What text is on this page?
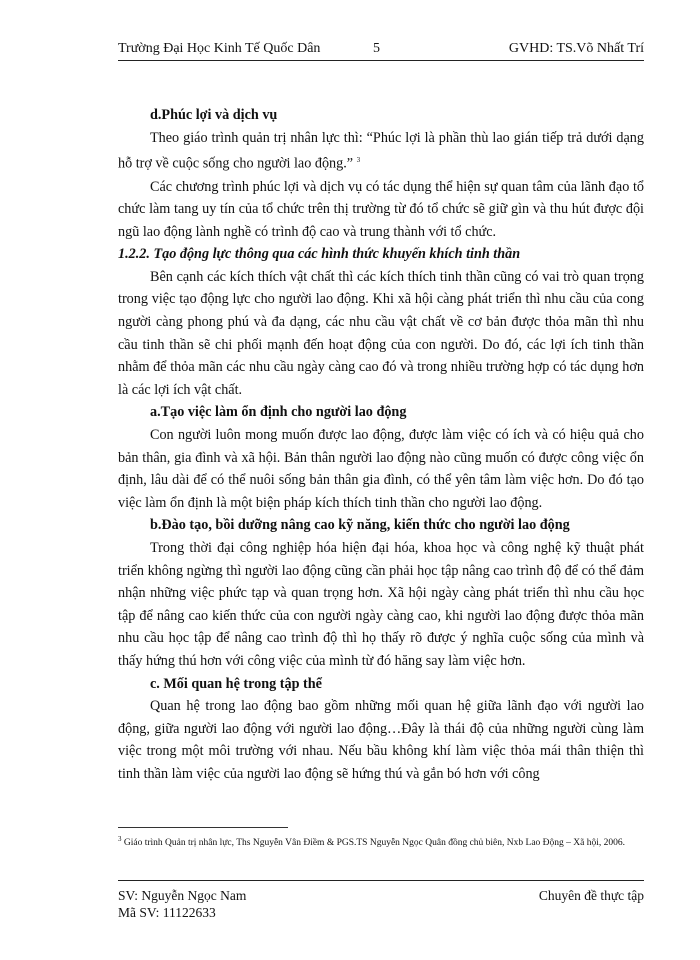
Trường Đại Học Kinh Tế Quốc Dân	5	GVHD: TS.Võ Nhất Trí

d.Phúc lợi và dịch vụ

Theo giáo trình quản trị nhân lực thì: “Phúc lợi là phần thù lao gián tiếp trả dưới dạng hỗ trợ về cuộc sống cho người lao động.” $^3$

Các chương trình phúc lợi và dịch vụ có tác dụng thể hiện sự quan tâm của lãnh đạo tổ chức làm tang uy tín của tổ chức trên thị trường từ đó tổ chức sẽ giữ gìn và thu hút được đội ngũ lao động lành nghề có trình độ cao và trung thành với tổ chức.

1.2.2. Tạo động lực thông qua các hình thức khuyến khích tinh thần

Bên cạnh các kích thích vật chất thì các kích thích tinh thần cũng có vai trò quan trọng trong việc tạo động lực cho người lao động. Khi xã hội càng phát triển thì nhu cầu của cong người càng phong phú và đa dạng, các nhu cầu vật chất về cơ bản được thỏa mãn thì nhu cầu tinh thần sẽ chi phối mạnh đến hoạt động của con người. Do đó, các lợi ích tinh thần nhằm để thỏa mãn các nhu cầu ngày càng cao đó và trong nhiều trường hợp có tác dụng hơn là các lợi ích vật chất.

a.Tạo việc làm ổn định cho người lao động

Con người luôn mong muốn được lao động, được làm việc có ích và có hiệu quả cho bản thân, gia đình và xã hội. Bản thân người lao động nào cũng muốn có được công việc ổn định, lâu dài để có thể nuôi sống bản thân gia đình, có thể yên tâm làm việc hơn. Do đó tạo việc làm ổn định là một biện pháp kích thích tinh thần cho người lao động.

b.Đào tạo, bồi dưỡng nâng cao kỹ năng, kiến thức cho người lao động

Trong thời đại công nghiệp hóa hiện đại hóa, khoa học và công nghệ kỹ thuật phát triển không ngừng thì người lao động cũng cần phải học tập nâng cao trình độ để có thể đảm nhận những việc phức tạp và quan trọng hơn. Xã hội ngày càng phát triển thì nhu cầu học tập để nâng cao kiến thức của con người ngày càng cao, khi người lao động được thỏa mãn nhu cầu học tập để nâng cao trình độ thì họ thấy rõ được ý nghĩa cuộc sống của mình và thấy hứng thú hơn với công việc của mình từ đó hăng say làm việc hơn.

c. Mối quan hệ trong tập thể

Quan hệ trong lao động bao gồm những mối quan hệ giữa lãnh đạo với người lao động, giữa người lao động với người lao động…Đây là thái độ của những người cùng làm việc trong một môi trường với nhau. Nếu bầu không khí làm việc thỏa mái thân thiện thì tinh thần làm việc của người lao động sẽ hứng thú và gắn bó hơn với công

$^3$ Giáo trình Quản trị nhân lực, Ths Nguyễn Vân Điềm & PGS.TS Nguyễn Ngọc Quân đồng chủ biên, Nxb Lao Động – Xã hội, 2006.
SV: Nguyễn Ngọc Nam
Mã SV: 11122633
Chuyên đề thực tập
